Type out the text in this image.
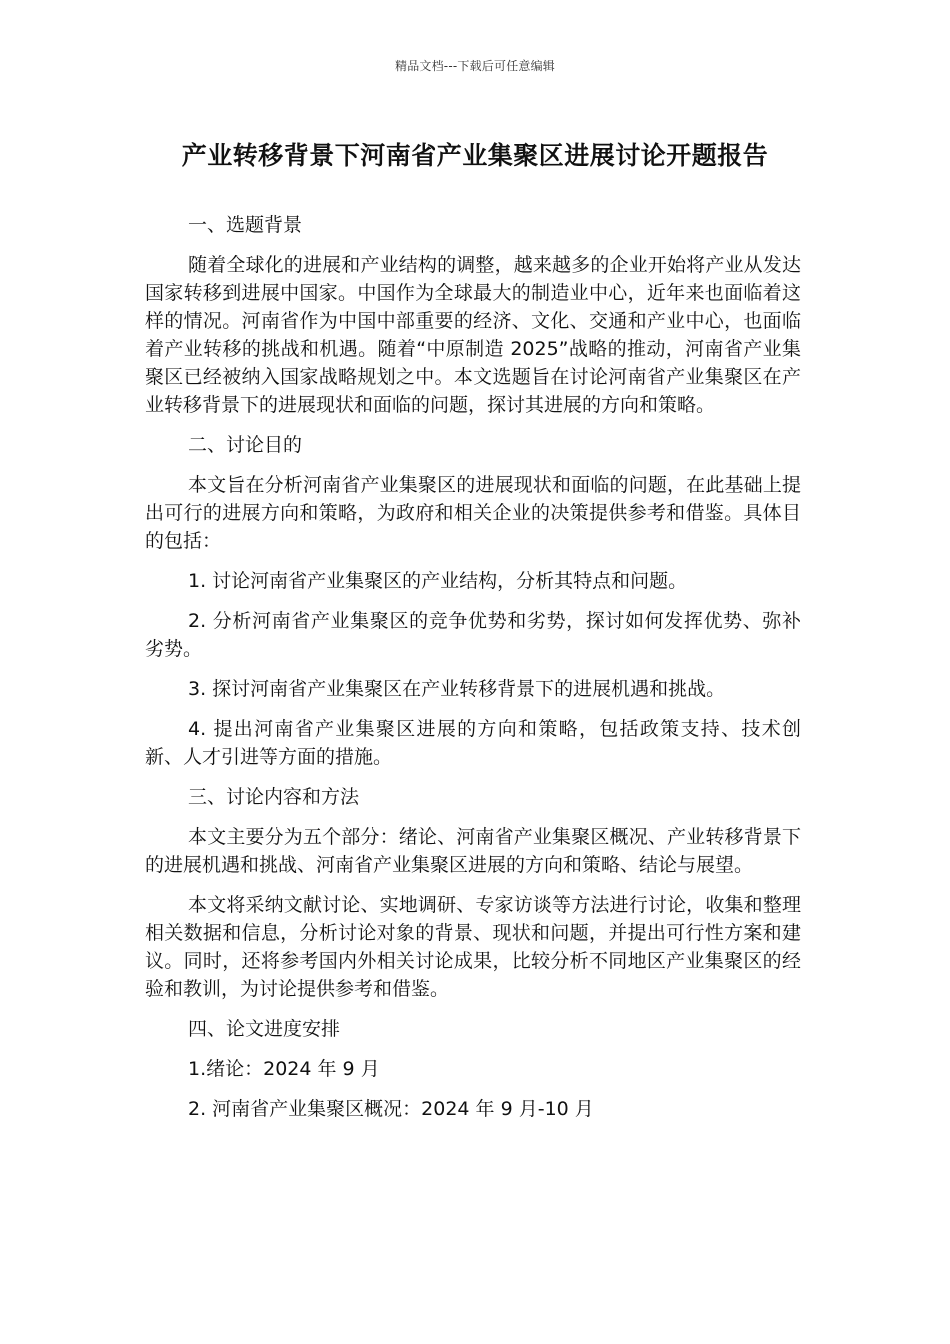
精品文档---下载后可任意编辑
产业转移背景下河南省产业集聚区进展讨论开题报告

一、选题背景

随着全球化的进展和产业结构的调整，越来越多的企业开始将产业从发达国家转移到进展中国家。中国作为全球最大的制造业中心，近年来也面临着这样的情况。河南省作为中国中部重要的经济、文化、交通和产业中心，也面临着产业转移的挑战和机遇。随着“中原制造 2025”战略的推动，河南省产业集聚区已经被纳入国家战略规划之中。本文选题旨在讨论河南省产业集聚区在产业转移背景下的进展现状和面临的问题，探讨其进展的方向和策略。

二、讨论目的

本文旨在分析河南省产业集聚区的进展现状和面临的问题，在此基础上提出可行的进展方向和策略，为政府和相关企业的决策提供参考和借鉴。具体目的包括：

1. 讨论河南省产业集聚区的产业结构，分析其特点和问题。

2. 分析河南省产业集聚区的竞争优势和劣势，探讨如何发挥优势、弥补劣势。

3. 探讨河南省产业集聚区在产业转移背景下的进展机遇和挑战。

4. 提出河南省产业集聚区进展的方向和策略，包括政策支持、技术创新、人才引进等方面的措施。

三、讨论内容和方法

本文主要分为五个部分：绪论、河南省产业集聚区概况、产业转移背景下的进展机遇和挑战、河南省产业集聚区进展的方向和策略、结论与展望。

本文将采纳文献讨论、实地调研、专家访谈等方法进行讨论，收集和整理相关数据和信息，分析讨论对象的背景、现状和问题，并提出可行性方案和建议。同时，还将参考国内外相关讨论成果，比较分析不同地区产业集聚区的经验和教训，为讨论提供参考和借鉴。

四、论文进度安排

1.绪论：2024 年 9 月

2. 河南省产业集聚区概况：2024 年 9 月-10 月
